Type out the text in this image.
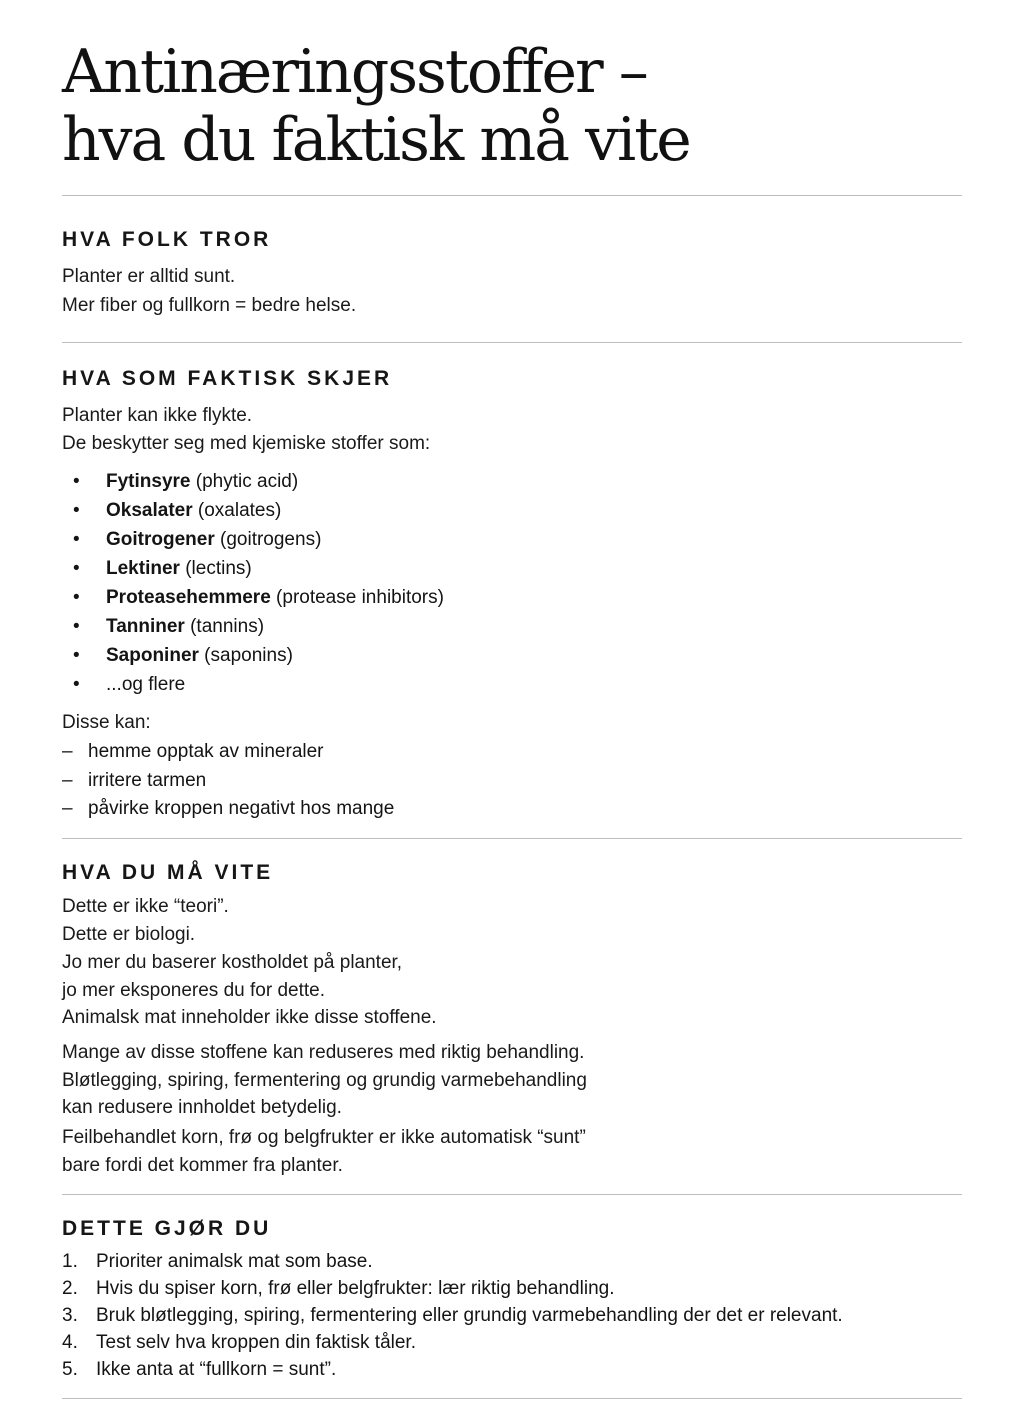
Antinæringsstoffer –
hva du faktisk må vite
HVA FOLK TROR

Planter er alltid sunt.

Mer fiber og fullkorn = bedre helse.

HVA SOM FAKTISK SKJER

Planter kan ikke flykte.

De beskytter seg med kjemiske stoffer som:

• Fytinsyre (phytic acid)
• Oksalater (oxalates)
• Goitrogener (goitrogens)
• Lektiner (lectins)
• Proteasehemmere (protease inhibitors)
• Tanniner (tannins)
• Saponiner (saponins)
• ...og flere

Disse kan:

– hemme opptak av mineraler
– irritere tarmen
– påvirke kroppen negativt hos mange
HVA DU MÅ VITE

Dette er ikke “teori”.

Dette er biologi.

Jo mer du baserer kostholdet på planter,

jo mer eksponeres du for dette.

Animalsk mat inneholder ikke disse stoffene.

Mange av disse stoffene kan reduseres med riktig behandling.

Bløtlegging, spiring, fermentering og grundig varmebehandling

kan redusere innholdet betydelig.

Feilbehandlet korn, frø og belgfrukter er ikke automatisk “sunt”

bare fordi det kommer fra planter.

DETTE GJØR DU
1. Prioriter animalsk mat som base.
2. Hvis du spiser korn, frø eller belgfrukter: lær riktig behandling.
3. Bruk bløtlegging, spiring, fermentering eller grundig varmebehandling der det er relevant.
4. Test selv hva kroppen din faktisk tåler.
5. Ikke anta at “fullkorn = sunt”.
